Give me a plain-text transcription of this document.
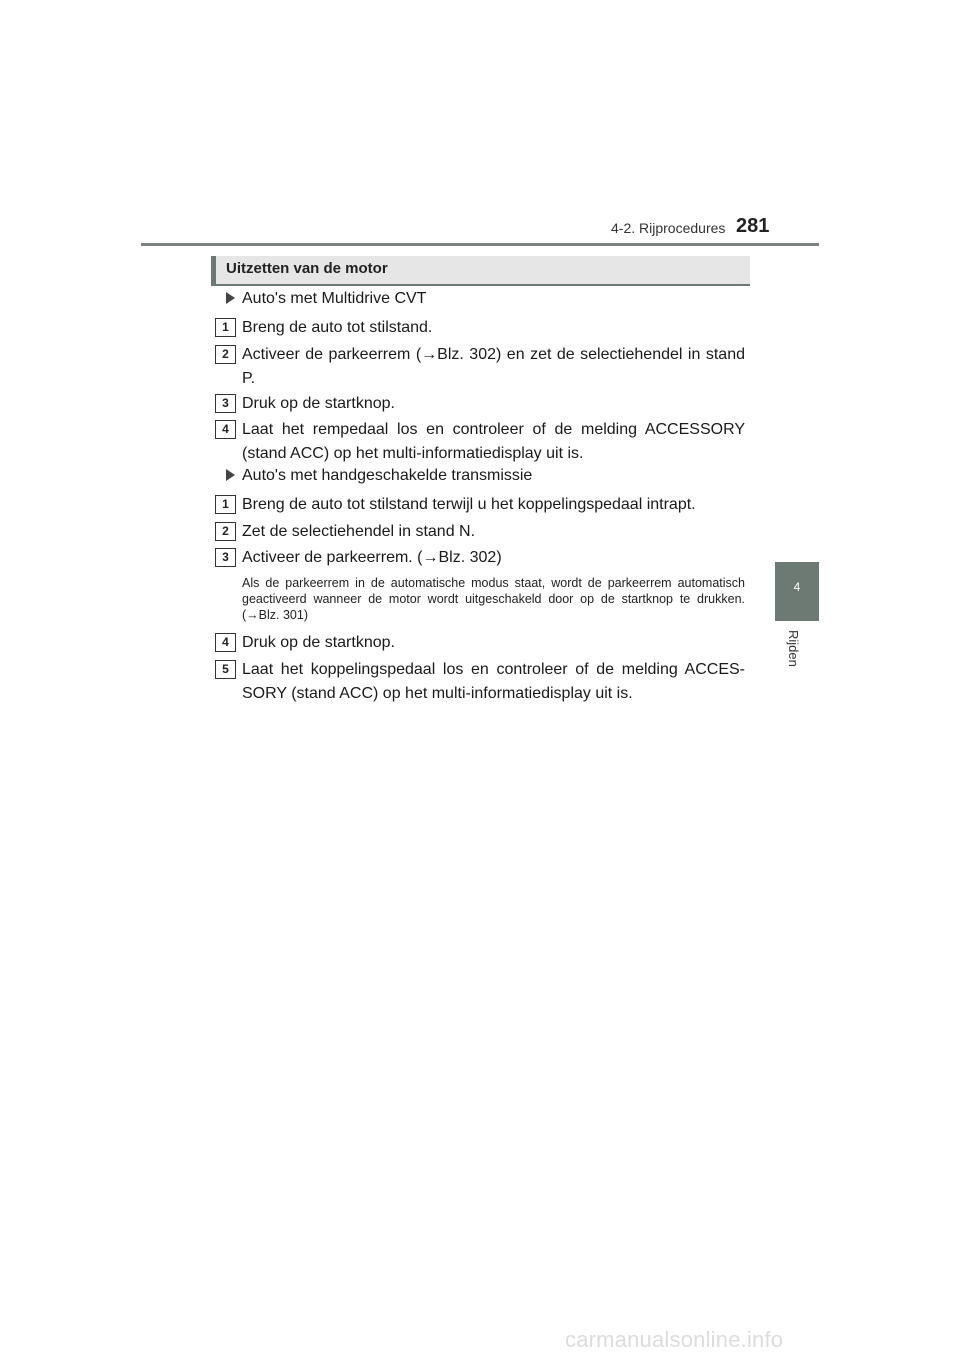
4-2. Rijprocedures 281
4
Rijden
Uitzetten van de motor
Auto's met Multidrive CVT
1 Breng de auto tot stilstand.
2 Activeer de parkeerrem (→Blz. 302) en zet de selectiehendel in stand P.
3 Druk op de startknop.
4 Laat het rempedaal los en controleer of de melding ACCESSORY (stand ACC) op het multi-informatiedisplay uit is.
Auto's met handgeschakelde transmissie
1 Breng de auto tot stilstand terwijl u het koppelingspedaal intrapt.
2 Zet de selectiehendel in stand N.
3 Activeer de parkeerrem. (→Blz. 302)
Als de parkeerrem in de automatische modus staat, wordt de parkeerrem automatisch geactiveerd wanneer de motor wordt uitgeschakeld door op de startknop te drukken. (→Blz. 301)
4 Druk op de startknop.
5 Laat het koppelingspedaal los en controleer of de melding ACCES-SORY (stand ACC) op het multi-informatiedisplay uit is.
carmanualsonline.info
